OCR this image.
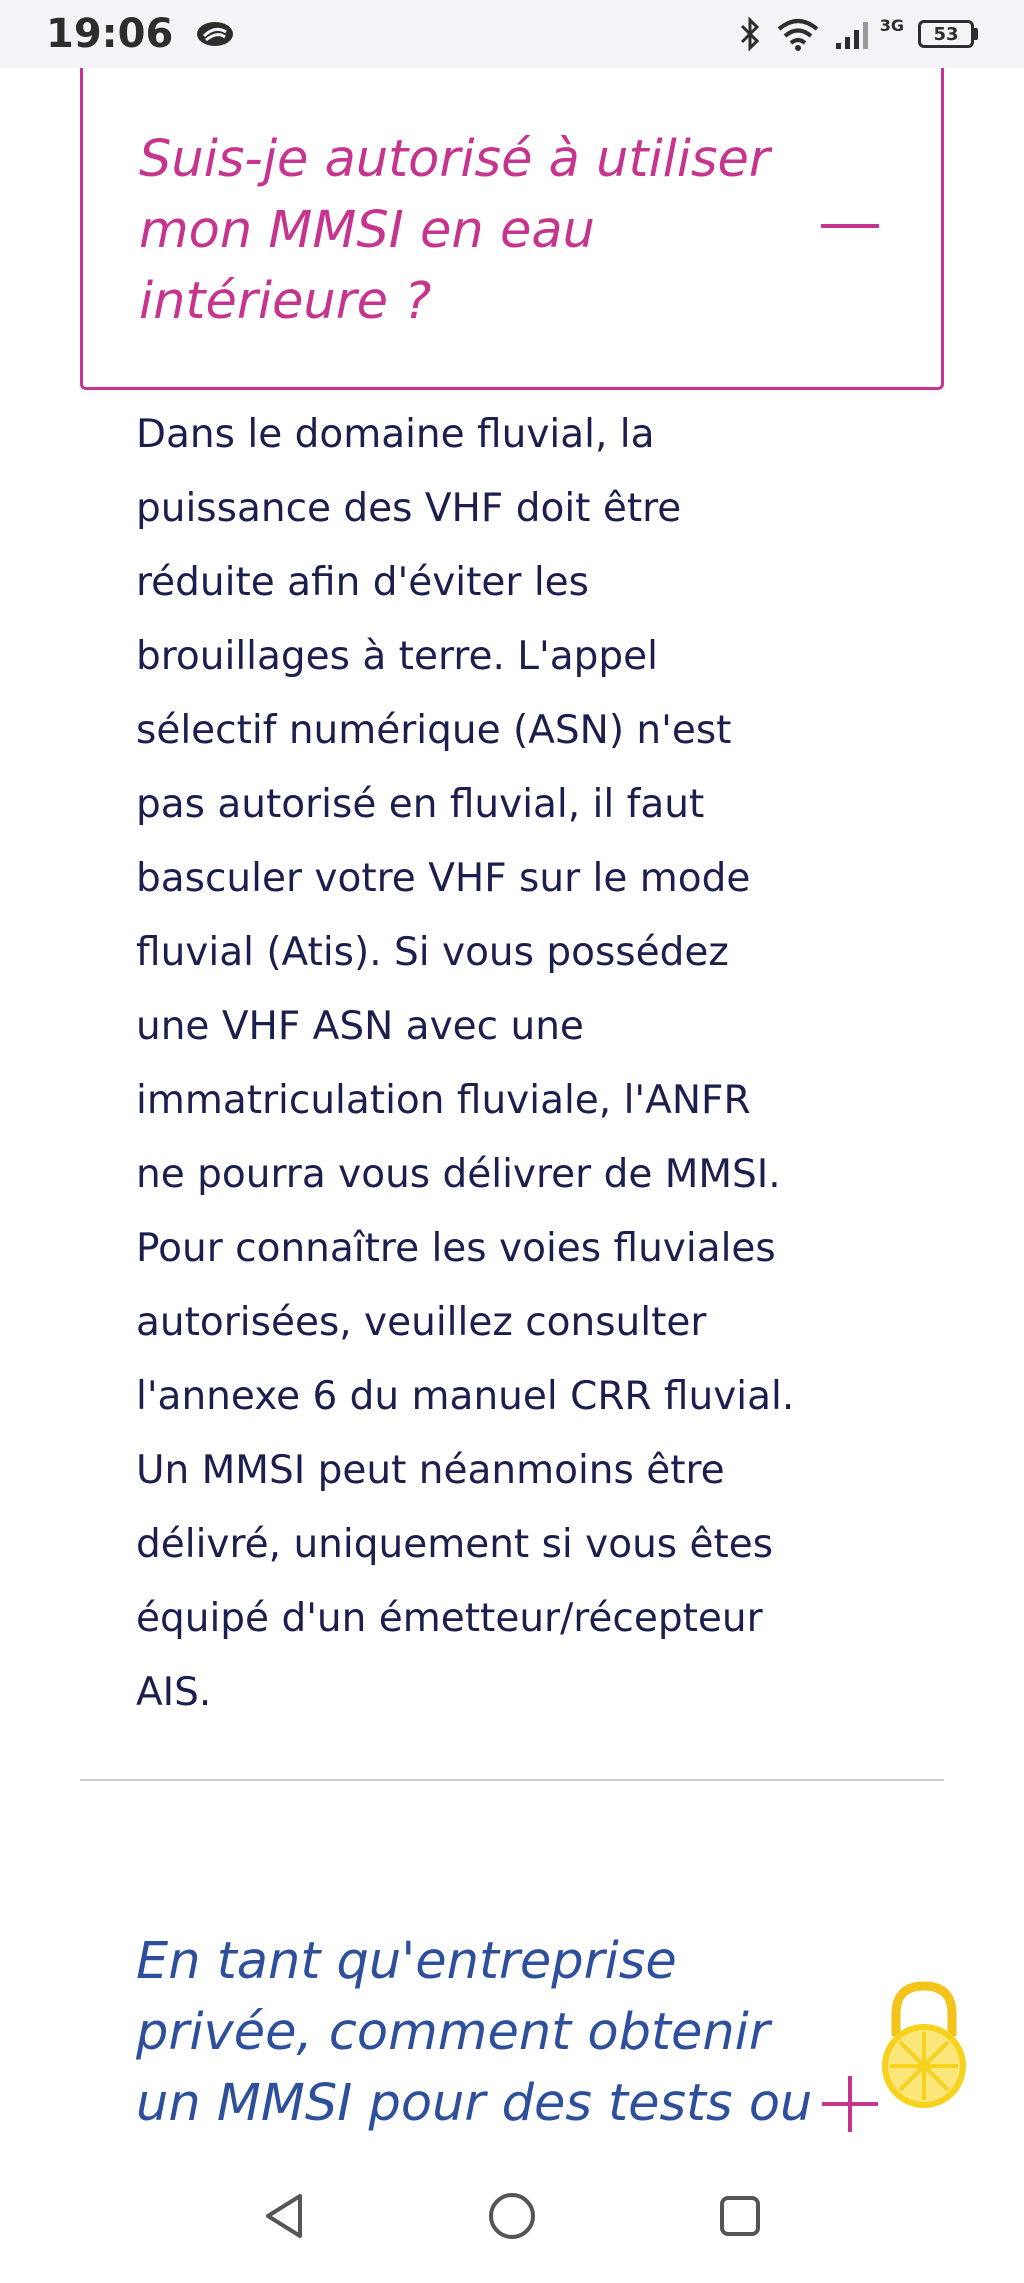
19:06	3G	53
Suis-je autorisé à utiliser mon MMSI en eau intérieure ?
Dans le domaine fluvial, la
puissance des VHF doit être
réduite afin d'éviter les
brouillages à terre. L'appel
sélectif numérique (ASN) n'est
pas autorisé en fluvial, il faut
basculer votre VHF sur le mode
fluvial (Atis). Si vous possédez
une VHF ASN avec une
immatriculation fluviale, l'ANFR
ne pourra vous délivrer de MMSI.
Pour connaître les voies fluviales
autorisées, veuillez consulter
l'annexe 6 du manuel CRR fluvial.
Un MMSI peut néanmoins être
délivré, uniquement si vous êtes
équipé d'un émetteur/récepteur
AIS.
En tant qu'entreprise privée, comment obtenir un MMSI pour des tests ou
